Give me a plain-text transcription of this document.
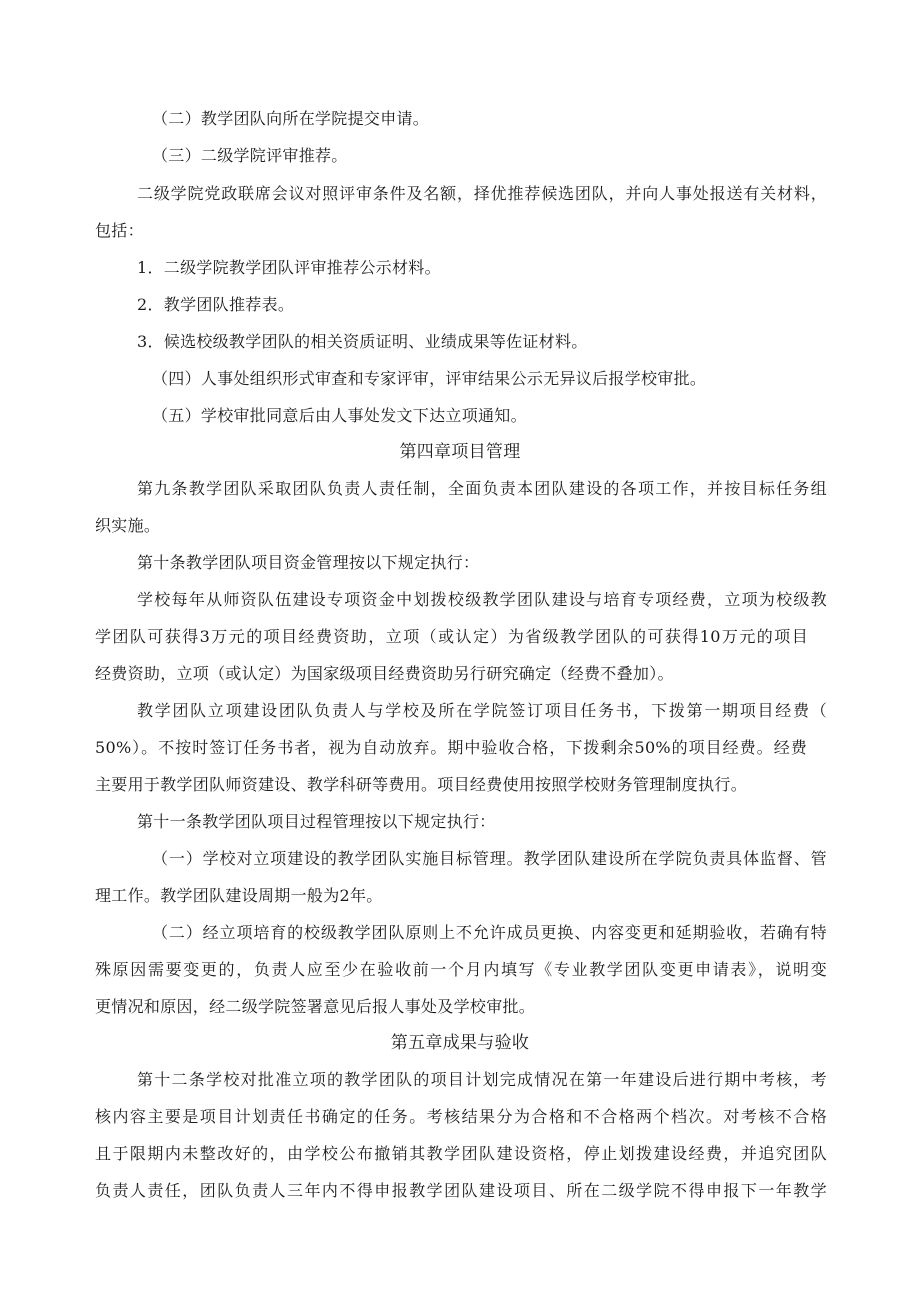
（二）教学团队向所在学院提交申请。
（三）二级学院评审推荐。
二级学院党政联席会议对照评审条件及名额，择优推荐候选团队，并向人事处报送有关材料，
包括：
1．二级学院教学团队评审推荐公示材料。
2．教学团队推荐表。
3．候选校级教学团队的相关资质证明、业绩成果等佐证材料。
（四）人事处组织形式审查和专家评审，评审结果公示无异议后报学校审批。
（五）学校审批同意后由人事处发文下达立项通知。
第四章项目管理
第九条教学团队采取团队负责人责任制，全面负责本团队建设的各项工作，并按目标任务组
织实施。
第十条教学团队项目资金管理按以下规定执行：
学校每年从师资队伍建设专项资金中划拨校级教学团队建设与培育专项经费，立项为校级教
学团队可获得3万元的项目经费资助，立项（或认定）为省级教学团队的可获得10万元的项目
经费资助，立项（或认定）为国家级项目经费资助另行研究确定（经费不叠加）。
教学团队立项建设团队负责人与学校及所在学院签订项目任务书，下拨第一期项目经费（
50%）。不按时签订任务书者，视为自动放弃。期中验收合格，下拨剩余50%的项目经费。经费
主要用于教学团队师资建设、教学科研等费用。项目经费使用按照学校财务管理制度执行。
第十一条教学团队项目过程管理按以下规定执行：
（一）学校对立项建设的教学团队实施目标管理。教学团队建设所在学院负责具体监督、管
理工作。教学团队建设周期一般为2年。
（二）经立项培育的校级教学团队原则上不允许成员更换、内容变更和延期验收，若确有特
殊原因需要变更的，负责人应至少在验收前一个月内填写《专业教学团队变更申请表》，说明变
更情况和原因，经二级学院签署意见后报人事处及学校审批。
第五章成果与验收
第十二条学校对批准立项的教学团队的项目计划完成情况在第一年建设后进行期中考核，考
核内容主要是项目计划责任书确定的任务。考核结果分为合格和不合格两个档次。对考核不合格
且于限期内未整改好的，由学校公布撤销其教学团队建设资格，停止划拨建设经费，并追究团队
负责人责任，团队负责人三年内不得申报教学团队建设项目、所在二级学院不得申报下一年教学
